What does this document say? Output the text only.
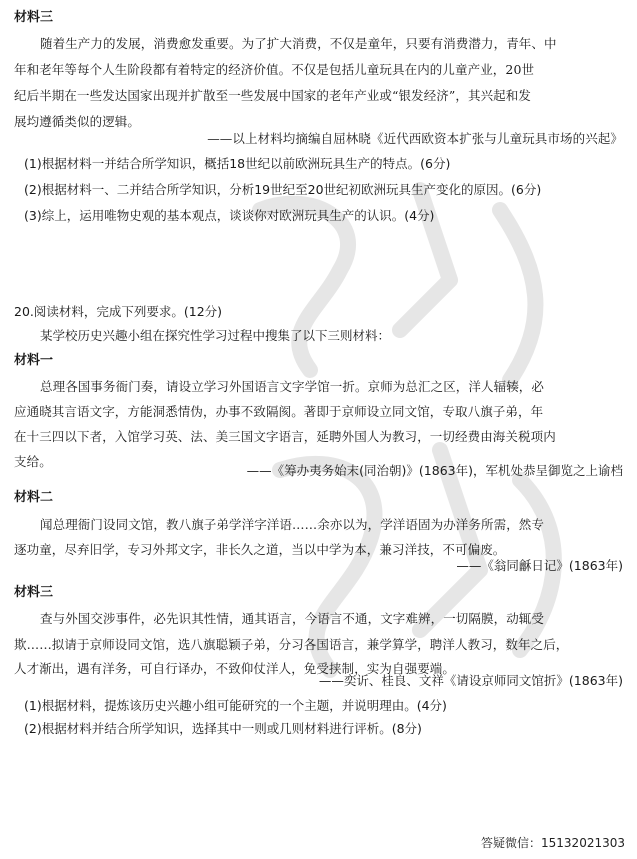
材料三
随着生产力的发展，消费愈发重要。为了扩大消费，不仅是童年，只要有消费潜力，青年、中
年和老年等每个人生阶段都有着特定的经济价值。不仅是包括儿童玩具在内的儿童产业，20世
纪后半期在一些发达国家出现并扩散至一些发展中国家的老年产业或“银发经济”，其兴起和发
展均遵循类似的逻辑。
——以上材料均摘编自屈林晓《近代西欧资本扩张与儿童玩具市场的兴起》
(1)根据材料一并结合所学知识，概括18世纪以前欧洲玩具生产的特点。(6分)
(2)根据材料一、二并结合所学知识，分析19世纪至20世纪初欧洲玩具生产变化的原因。(6分)
(3)综上，运用唯物史观的基本观点，谈谈你对欧洲玩具生产的认识。(4分)
20.阅读材料，完成下列要求。(12分)
某学校历史兴趣小组在探究性学习过程中搜集了以下三则材料：
材料一
总理各国事务衙门奏，请设立学习外国语言文字学馆一折。京师为总汇之区，洋人辐辏，必
应通晓其言语文字，方能洞悉情伪，办事不致隔阂。著即于京师设立同文馆，专取八旗子弟，年
在十三四以下者，入馆学习英、法、美三国文字语言，延聘外国人为教习，一切经费由海关税项内
支给。
——《筹办夷务始末(同治朝)》(1863年)，军机处恭呈御览之上谕档
材料二
闻总理衙门设同文馆，教八旗子弟学洋字洋语……余亦以为，学洋语固为办洋务所需，然专
逐功童，尽弃旧学，专习外邦文字，非长久之道，当以中学为本，兼习洋技，不可偏废。
——《翁同龢日记》(1863年)
材料三
查与外国交涉事件，必先识其性情，通其语言，今语言不通，文字难辨，一切隔膜，动辄受
欺……拟请于京师设同文馆，选八旗聪颖子弟，分习各国语言，兼学算学，聘洋人教习，数年之后，
人才渐出，遇有洋务，可自行译办，不致仰仗洋人，免受挟制，实为自强要端。
——奕䜣、桂良、文祥《请设京师同文馆折》(1863年)
(1)根据材料，提炼该历史兴趣小组可能研究的一个主题，并说明理由。(4分)
(2)根据材料并结合所学知识，选择其中一则或几则材料进行评析。(8分)
答疑微信：15132021303
